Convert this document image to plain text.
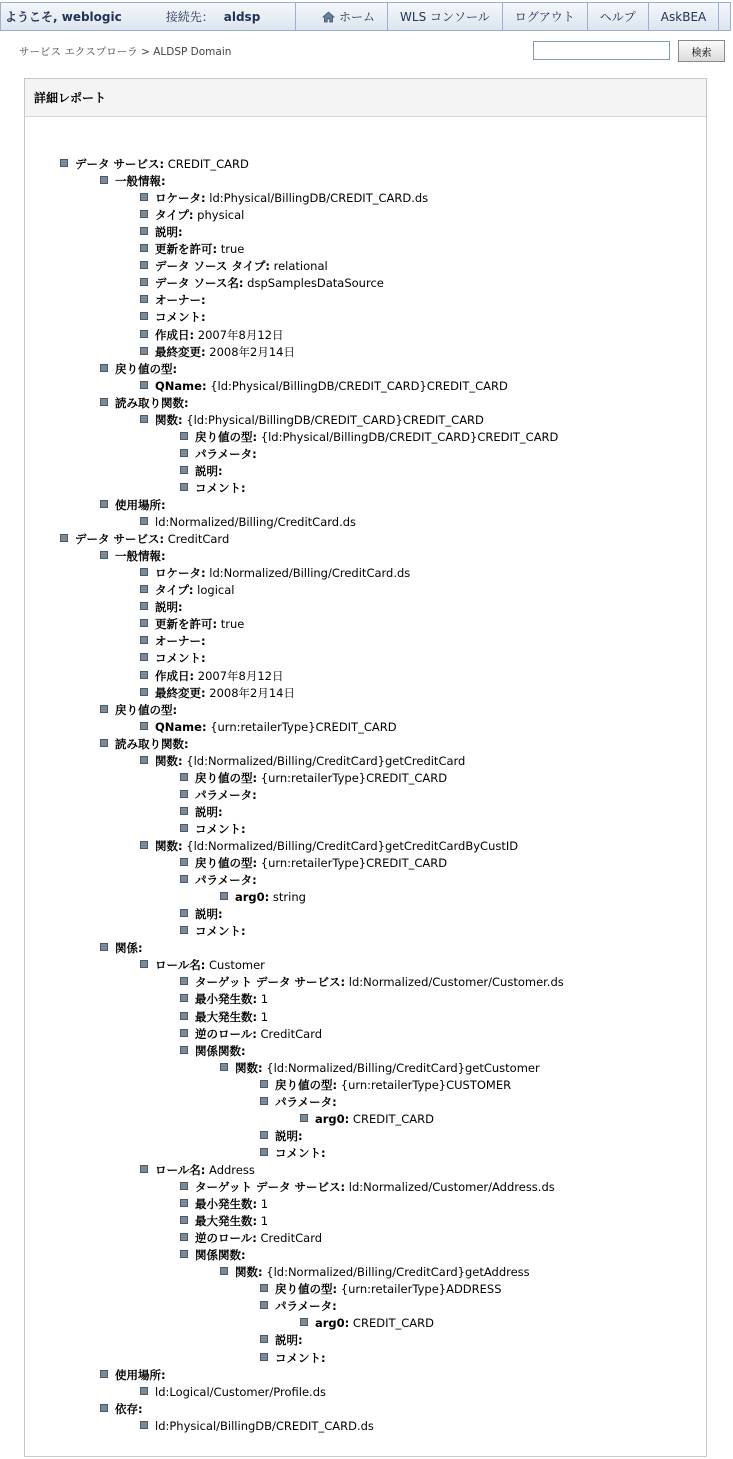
ようこそ, weblogic	接続先： aldsp	ホーム	WLS コンソール	ログアウト	ヘルプ	AskBEA
サービス エクスプローラ > ALDSP Domain	検索
詳細レポート
データ サービス: CREDIT_CARD
一般情報:
ロケータ: ld:Physical/BillingDB/CREDIT_CARD.ds
タイプ: physical
説明:
更新を許可: true
データ ソース タイプ: relational
データ ソース名: dspSamplesDataSource
オーナー:
コメント:
作成日: 2007年8月12日
最終変更: 2008年2月14日
戻り値の型:
QName: {ld:Physical/BillingDB/CREDIT_CARD}CREDIT_CARD
読み取り関数:
関数: {ld:Physical/BillingDB/CREDIT_CARD}CREDIT_CARD
戻り値の型: {ld:Physical/BillingDB/CREDIT_CARD}CREDIT_CARD
パラメータ:
説明:
コメント:
使用場所:
ld:Normalized/Billing/CreditCard.ds
データ サービス: CreditCard
一般情報:
ロケータ: ld:Normalized/Billing/CreditCard.ds
タイプ: logical
説明:
更新を許可: true
オーナー:
コメント:
作成日: 2007年8月12日
最終変更: 2008年2月14日
戻り値の型:
QName: {urn:retailerType}CREDIT_CARD
読み取り関数:
関数: {ld:Normalized/Billing/CreditCard}getCreditCard
戻り値の型: {urn:retailerType}CREDIT_CARD
パラメータ:
説明:
コメント:
関数: {ld:Normalized/Billing/CreditCard}getCreditCardByCustID
戻り値の型: {urn:retailerType}CREDIT_CARD
パラメータ:
arg0: string
説明:
コメント:
関係:
ロール名: Customer
ターゲット データ サービス: ld:Normalized/Customer/Customer.ds
最小発生数: 1
最大発生数: 1
逆のロール: CreditCard
関係関数:
関数: {ld:Normalized/Billing/CreditCard}getCustomer
戻り値の型: {urn:retailerType}CUSTOMER
パラメータ:
arg0: CREDIT_CARD
説明:
コメント:
ロール名: Address
ターゲット データ サービス: ld:Normalized/Customer/Address.ds
最小発生数: 1
最大発生数: 1
逆のロール: CreditCard
関係関数:
関数: {ld:Normalized/Billing/CreditCard}getAddress
戻り値の型: {urn:retailerType}ADDRESS
パラメータ:
arg0: CREDIT_CARD
説明:
コメント:
使用場所:
ld:Logical/Customer/Profile.ds
依存:
ld:Physical/BillingDB/CREDIT_CARD.ds
